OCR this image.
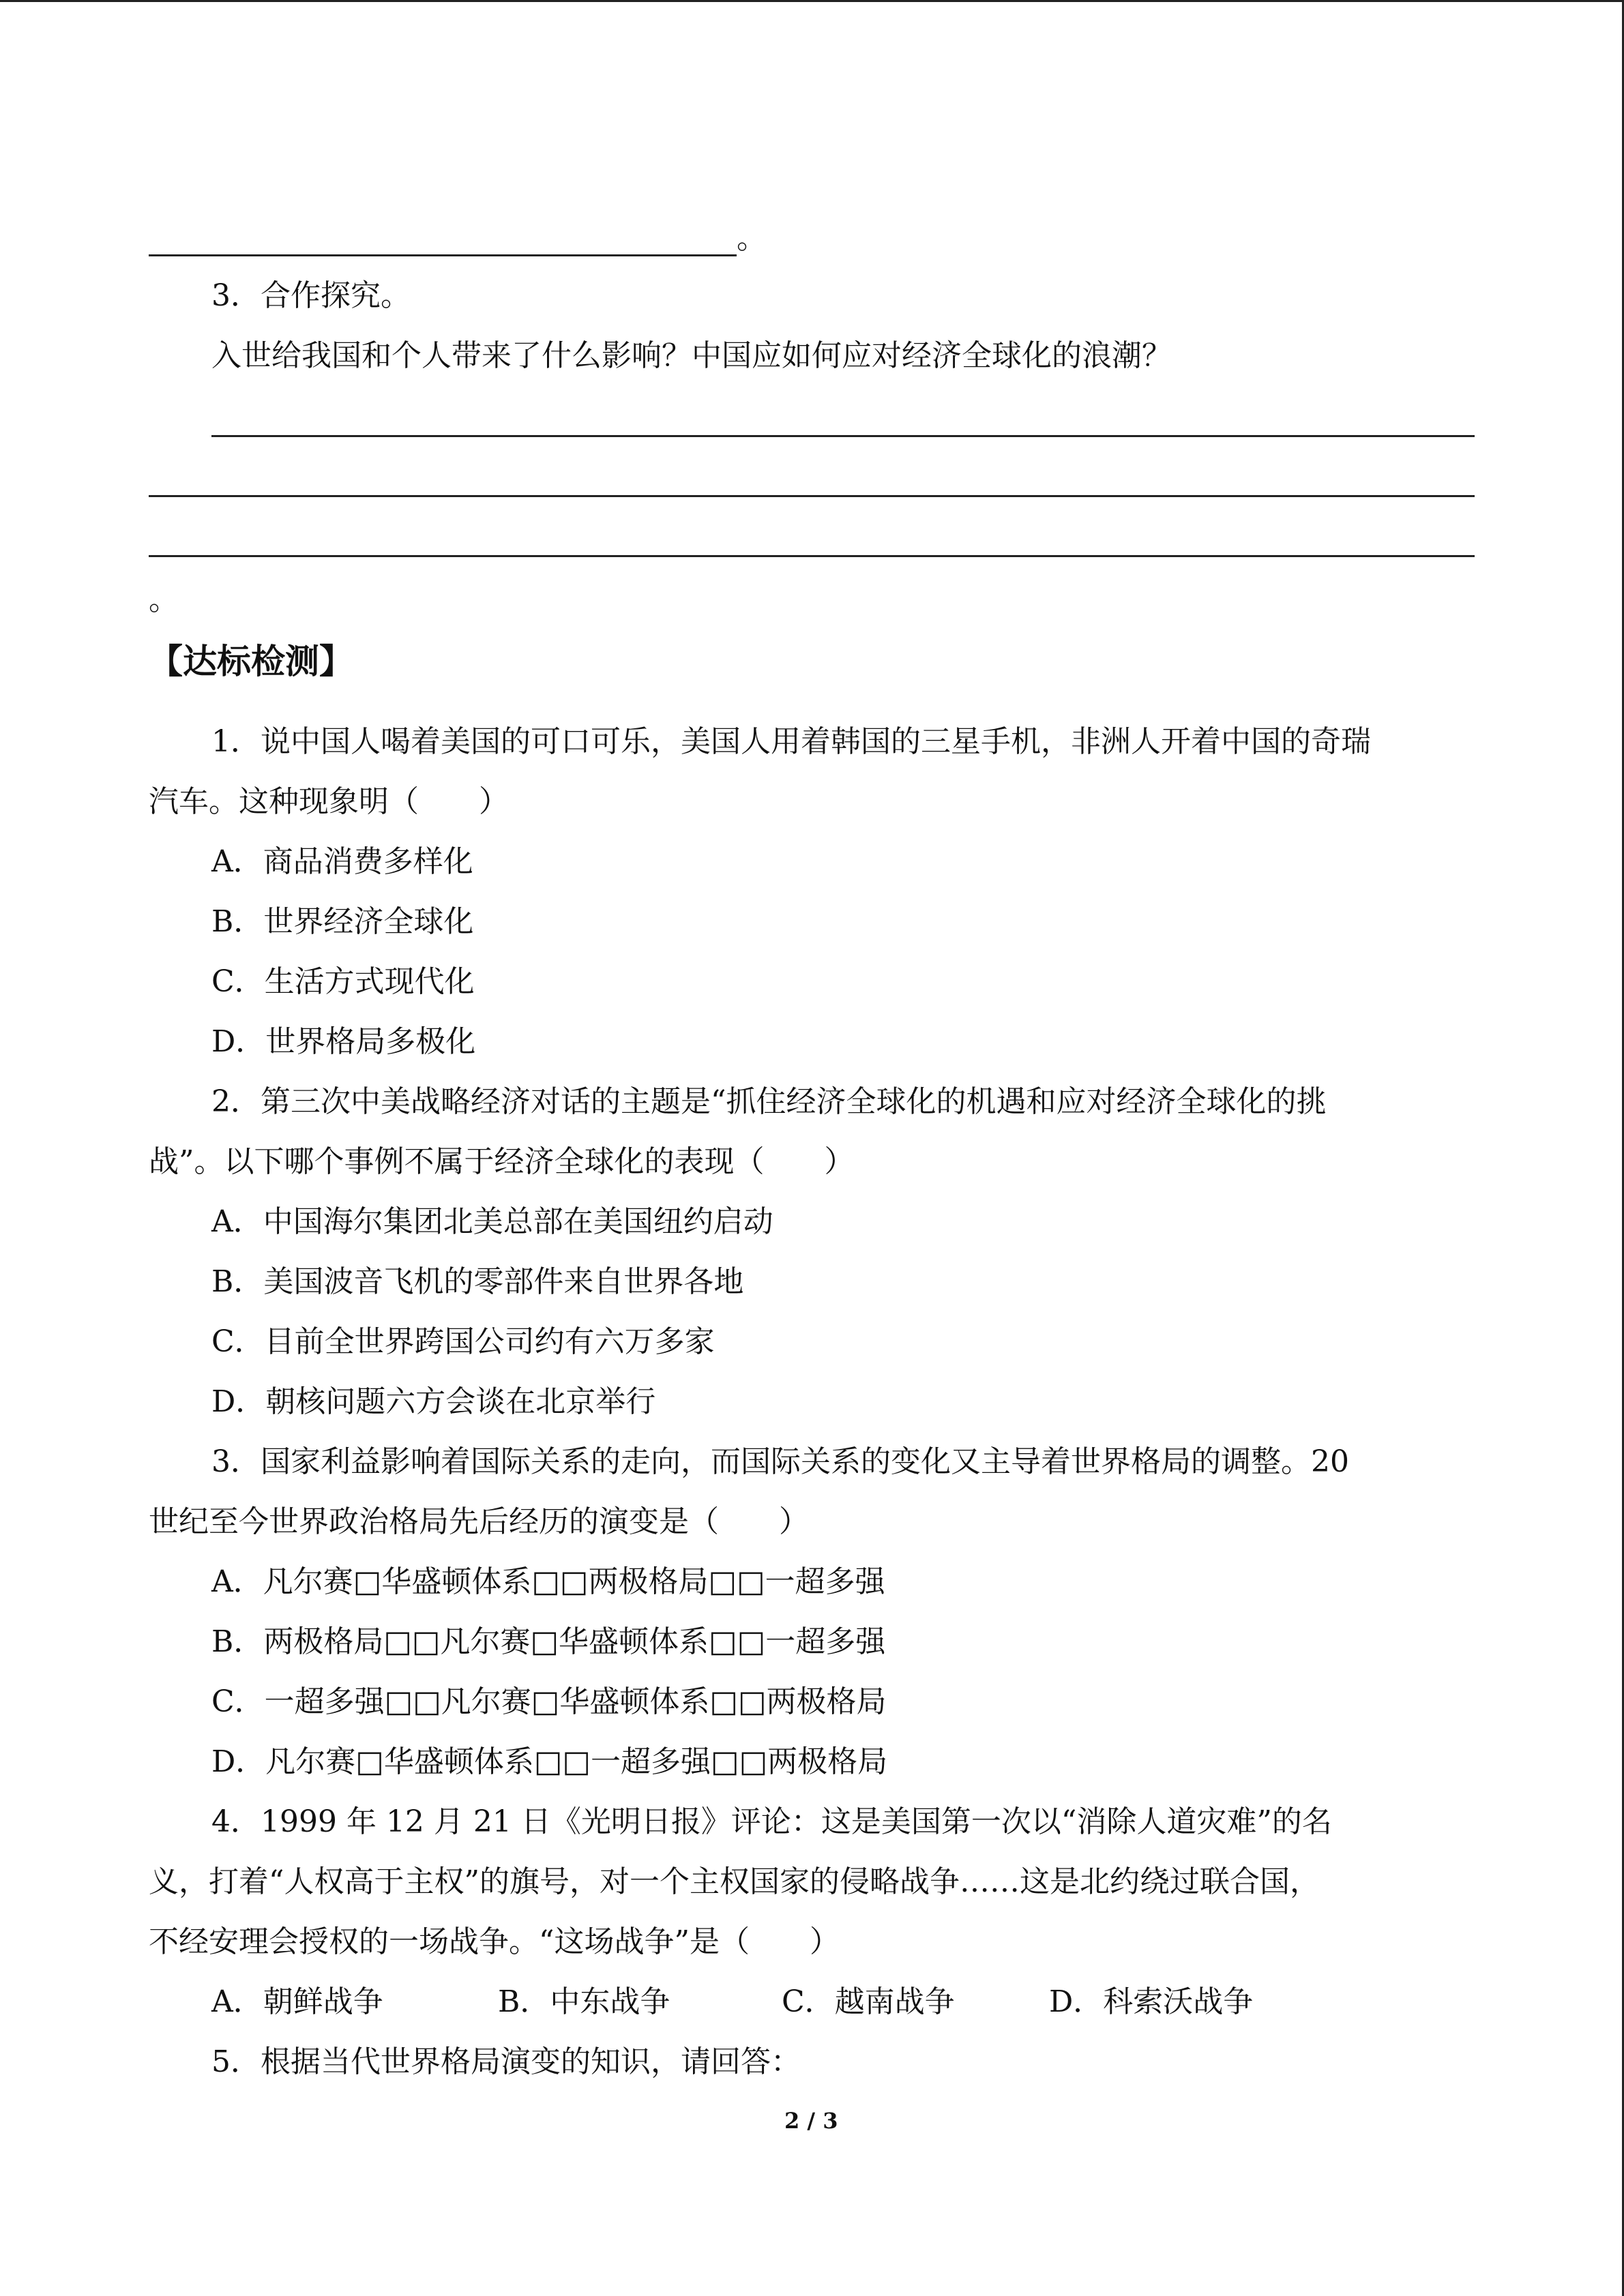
。
3．合作探究。
入世给我国和个人带来了什么影响？中国应如何应对经济全球化的浪潮？
。
【达标检测】
1．说中国人喝着美国的可口可乐，美国人用着韩国的三星手机，非洲人开着中国的奇瑞
汽车。这种现象明（　　）
A．商品消费多样化
B．世界经济全球化
C．生活方式现代化
D．世界格局多极化
2．第三次中美战略经济对话的主题是“抓住经济全球化的机遇和应对经济全球化的挑
战”。以下哪个事例不属于经济全球化的表现（　　）
A．中国海尔集团北美总部在美国纽约启动
B．美国波音飞机的零部件来自世界各地
C．目前全世界跨国公司约有六万多家
D．朝核问题六方会谈在北京举行
3．国家利益影响着国际关系的走向，而国际关系的变化又主导着世界格局的调整。20
世纪至今世界政治格局先后经历的演变是（　　）
A．凡尔赛□华盛顿体系□□两极格局□□一超多强
B．两极格局□□凡尔赛□华盛顿体系□□一超多强
C．一超多强□□凡尔赛□华盛顿体系□□两极格局
D．凡尔赛□华盛顿体系□□一超多强□□两极格局
4．1999 年 12 月 21 日《光明日报》评论：这是美国第一次以“消除人道灾难”的名
义，打着“人权高于主权”的旗号，对一个主权国家的侵略战争……这是北约绕过联合国，
不经安理会授权的一场战争。“这场战争”是（　　）
A．朝鲜战争	B．中东战争	C．越南战争	D．科索沃战争
5．根据当代世界格局演变的知识，请回答：
2 / 3
